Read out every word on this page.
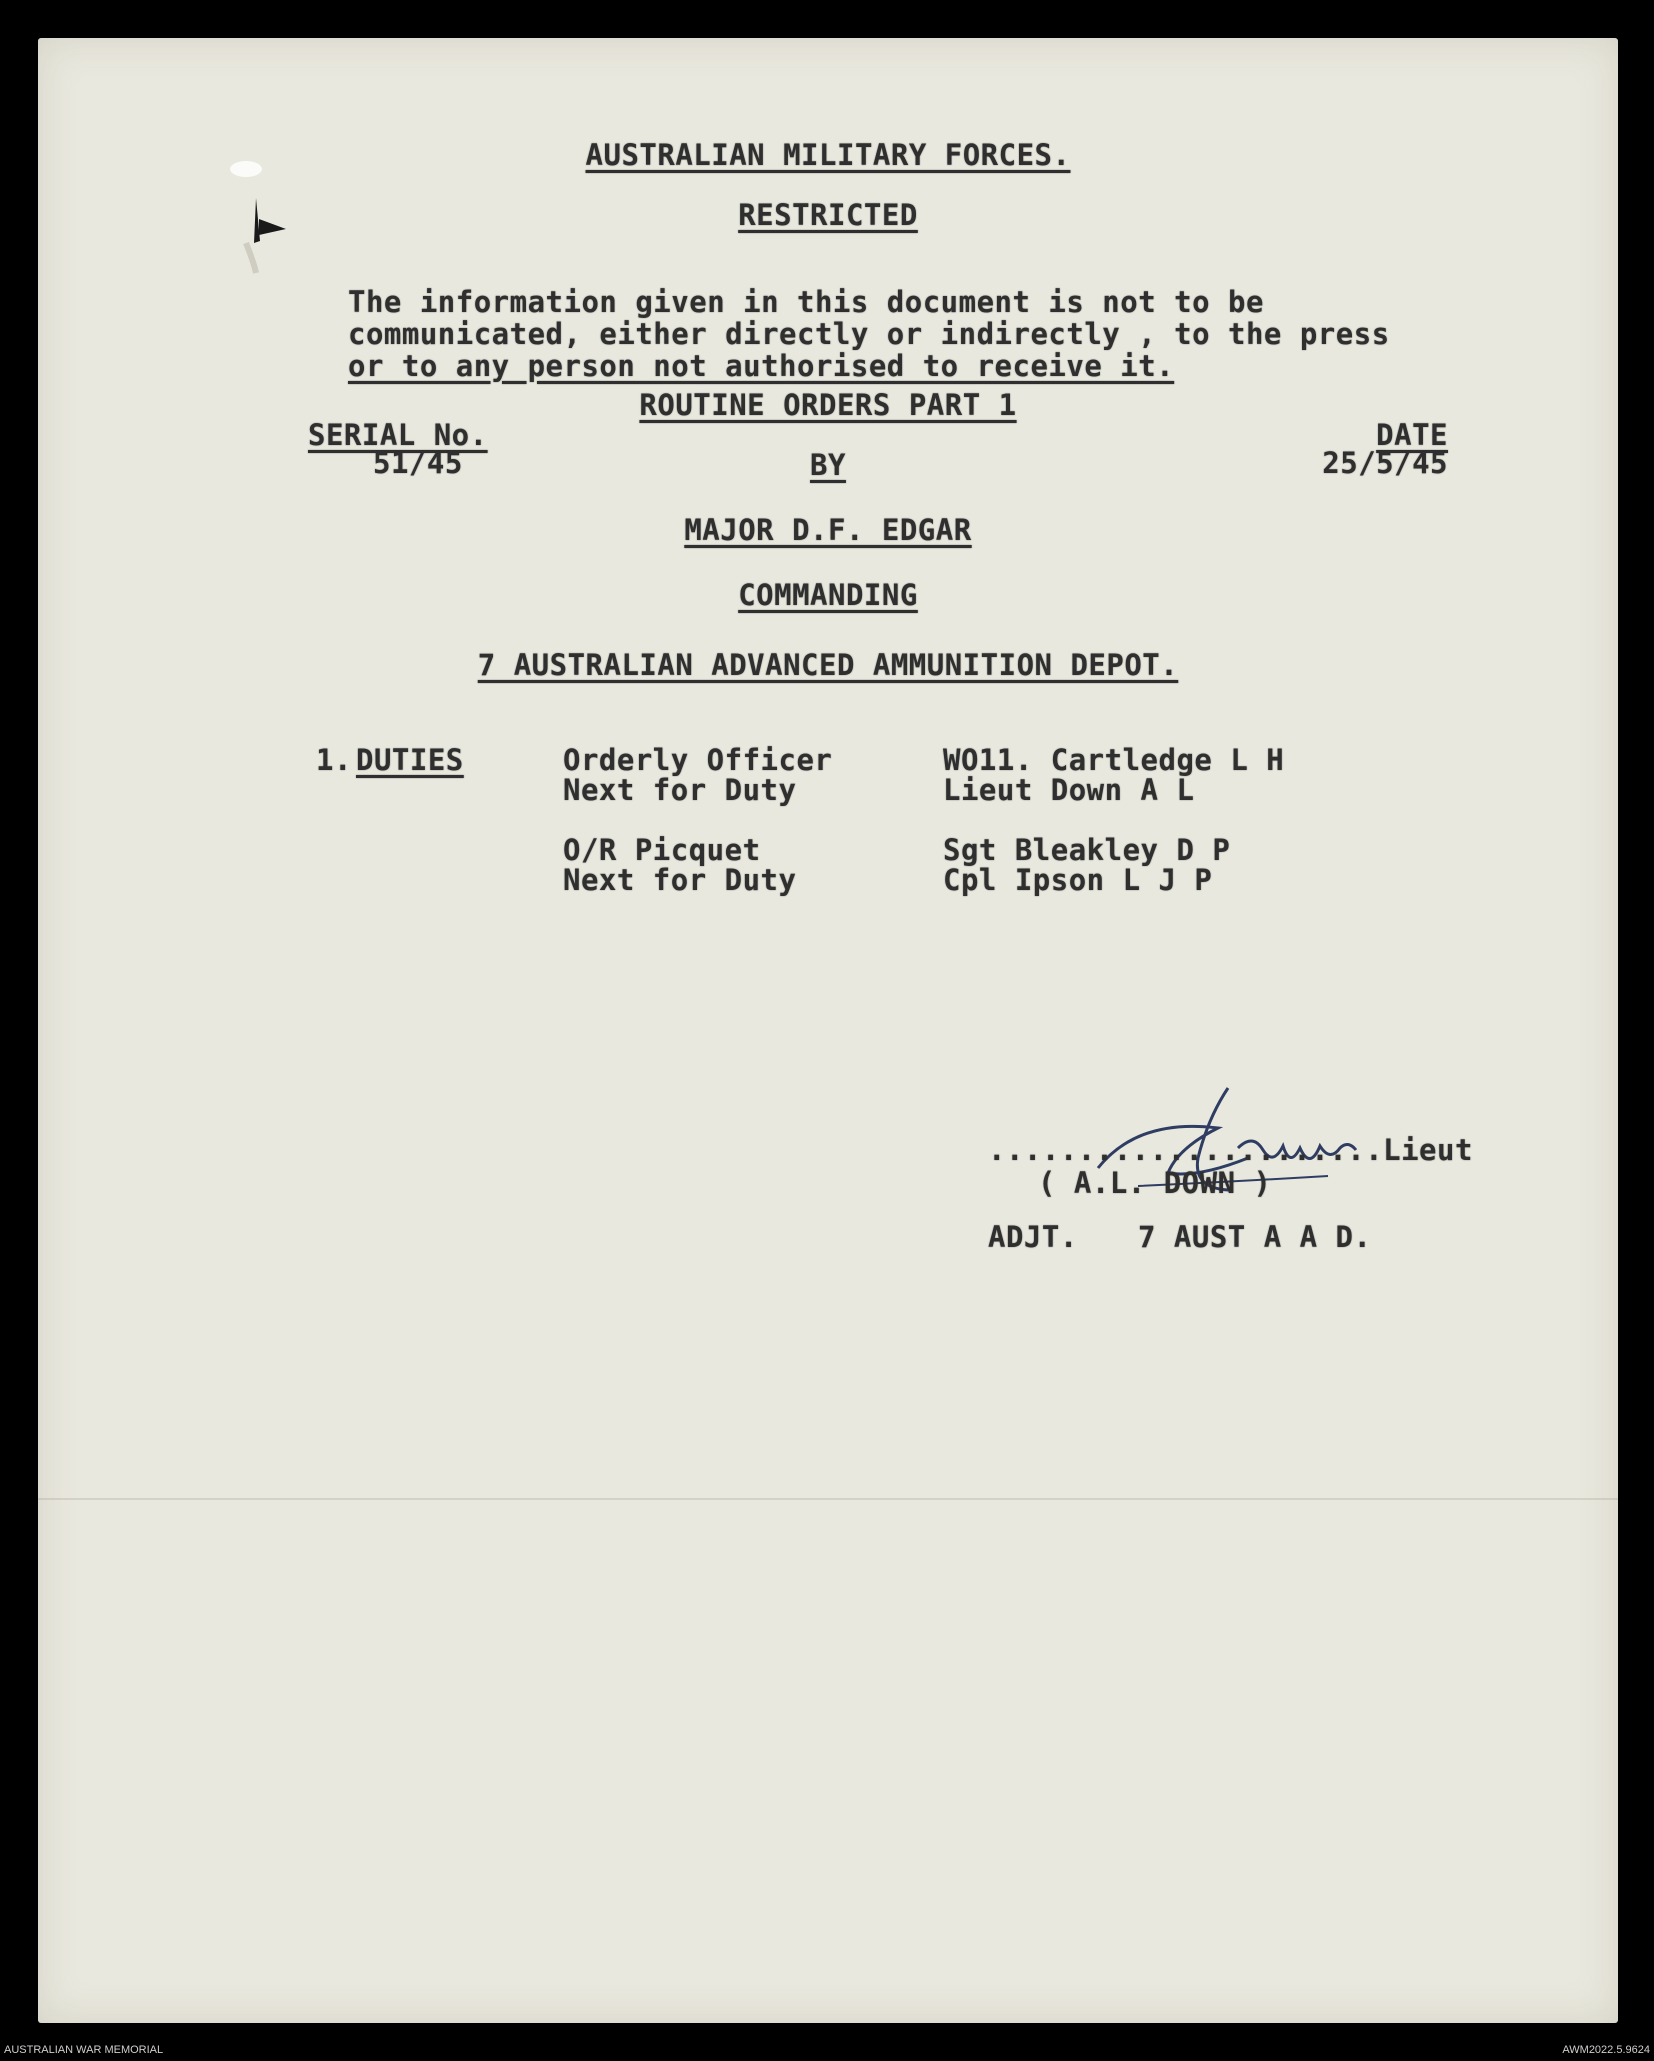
AUSTRALIAN MILITARY FORCES.
RESTRICTED
The information given in this document is not to be
communicated, either directly or indirectly , to the press
or to any person not authorised to receive it.
ROUTINE ORDERS PART 1
SERIAL No.
51/45
DATE
25/5/45
BY
MAJOR D.F. EDGAR
COMMANDING
7 AUSTRALIAN ADVANCED AMMUNITION DEPOT.
1. DUTIES	Orderly Officer	WO11. Cartledge L H
Next for Duty	Lieut Down A L
O/R Picquet	Sgt Bleakley D P
Next for Duty	Cpl Ipson L J P
......................Lieut
( A.L. DOWN )
ADJT. 7 AUST A A D.
AUSTRALIAN WAR MEMORIAL	AWM2022.5.9624
